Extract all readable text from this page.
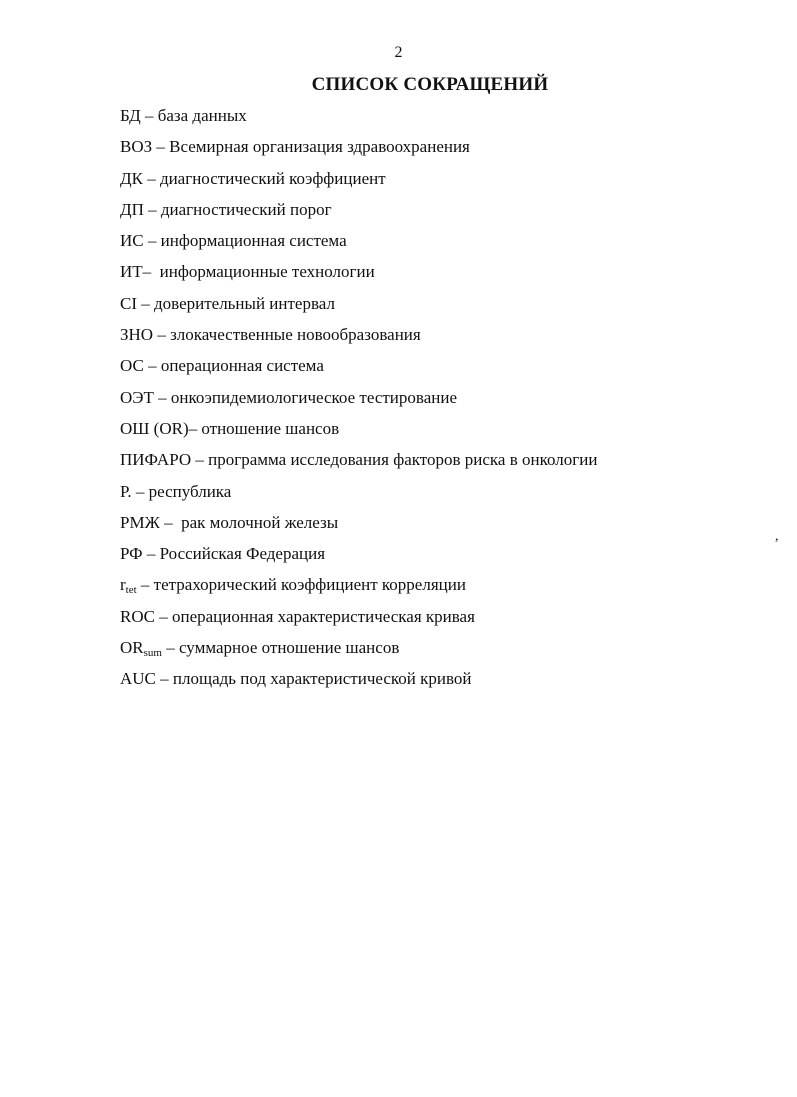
2
СПИСОК СОКРАЩЕНИЙ
БД – база данных
ВОЗ – Всемирная организация здравоохранения
ДК – диагностический коэффициент
ДП – диагностический порог
ИС – информационная система
ИТ–  информационные технологии
CI – доверительный интервал
ЗНО – злокачественные новообразования
ОС – операционная система
ОЭТ – онкоэпидемиологическое тестирование
ОШ (OR)– отношение шансов
ПИФАРО – программа исследования факторов риска в онкологии
Р. – республика
РМЖ –  рак молочной железы
РФ – Российская Федерация
$r_{tet}$ – тетрахорический коэффициент корреляции
ROC – операционная характеристическая кривая
$OR_{sum}$ – суммарное отношение шансов
AUC – площадь под характеристической кривой
,
